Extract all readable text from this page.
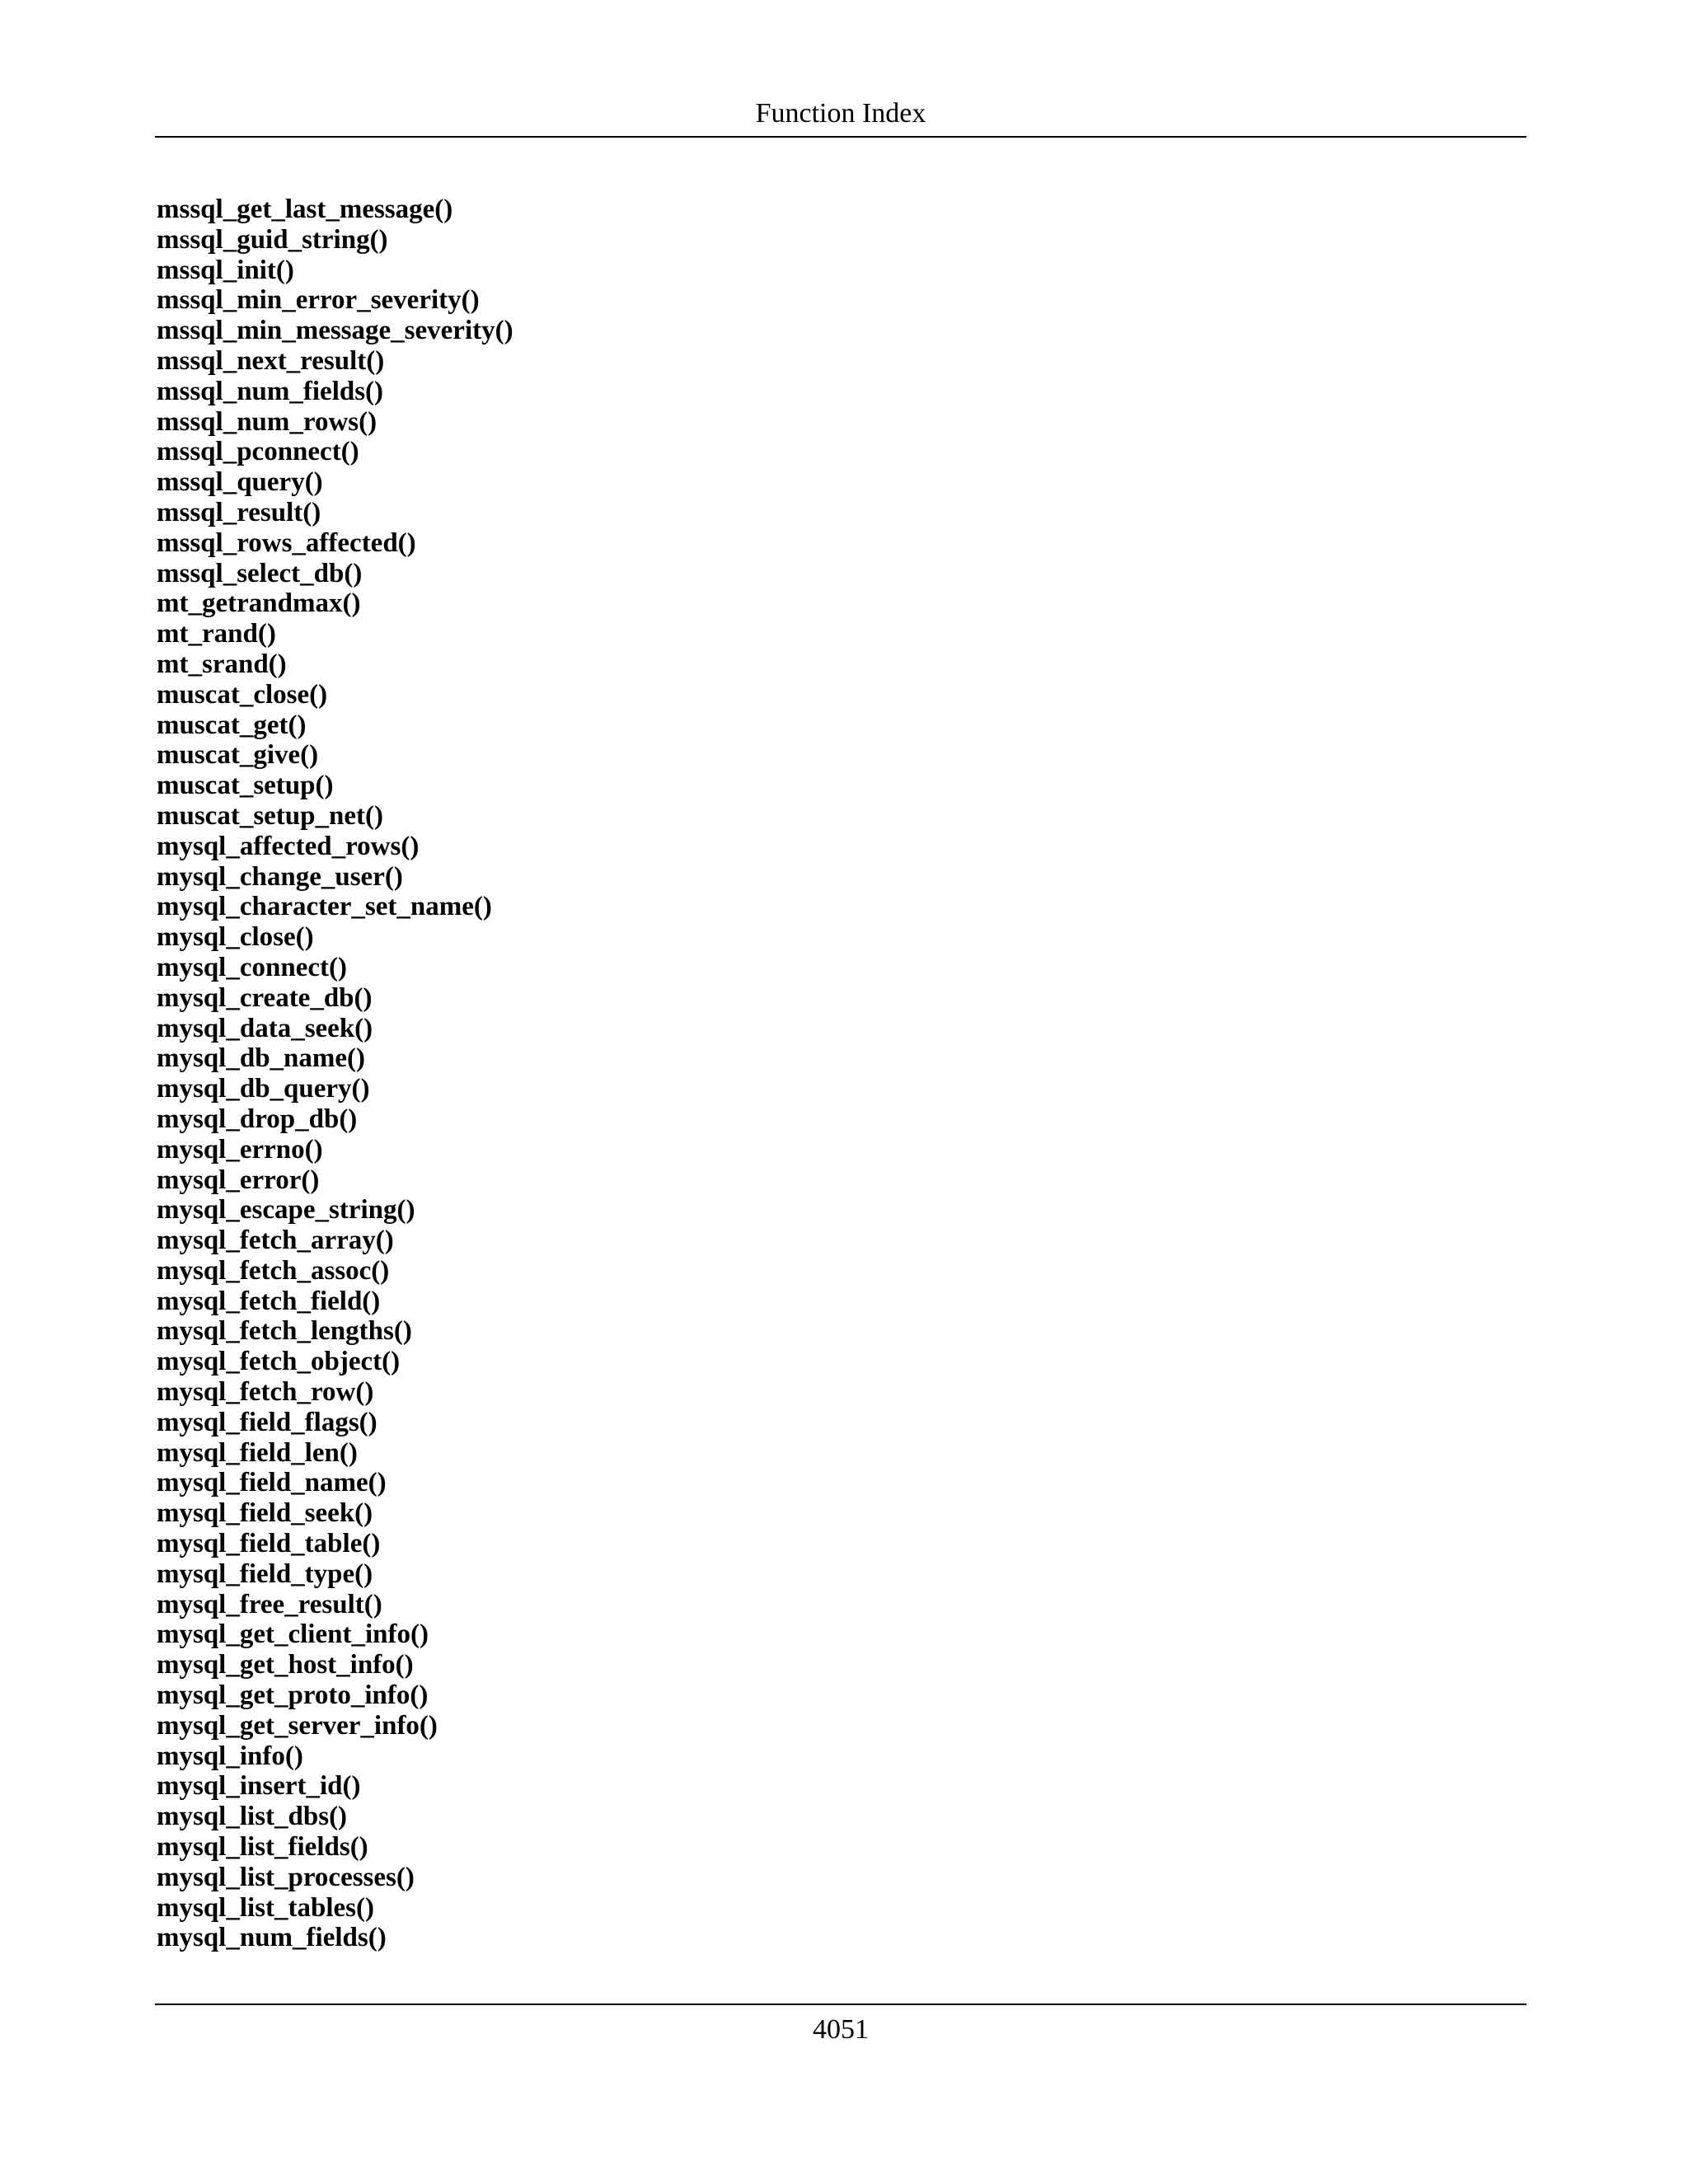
Function Index
mssql_get_last_message()
mssql_guid_string()
mssql_init()
mssql_min_error_severity()
mssql_min_message_severity()
mssql_next_result()
mssql_num_fields()
mssql_num_rows()
mssql_pconnect()
mssql_query()
mssql_result()
mssql_rows_affected()
mssql_select_db()
mt_getrandmax()
mt_rand()
mt_srand()
muscat_close()
muscat_get()
muscat_give()
muscat_setup()
muscat_setup_net()
mysql_affected_rows()
mysql_change_user()
mysql_character_set_name()
mysql_close()
mysql_connect()
mysql_create_db()
mysql_data_seek()
mysql_db_name()
mysql_db_query()
mysql_drop_db()
mysql_errno()
mysql_error()
mysql_escape_string()
mysql_fetch_array()
mysql_fetch_assoc()
mysql_fetch_field()
mysql_fetch_lengths()
mysql_fetch_object()
mysql_fetch_row()
mysql_field_flags()
mysql_field_len()
mysql_field_name()
mysql_field_seek()
mysql_field_table()
mysql_field_type()
mysql_free_result()
mysql_get_client_info()
mysql_get_host_info()
mysql_get_proto_info()
mysql_get_server_info()
mysql_info()
mysql_insert_id()
mysql_list_dbs()
mysql_list_fields()
mysql_list_processes()
mysql_list_tables()
mysql_num_fields()
4051
